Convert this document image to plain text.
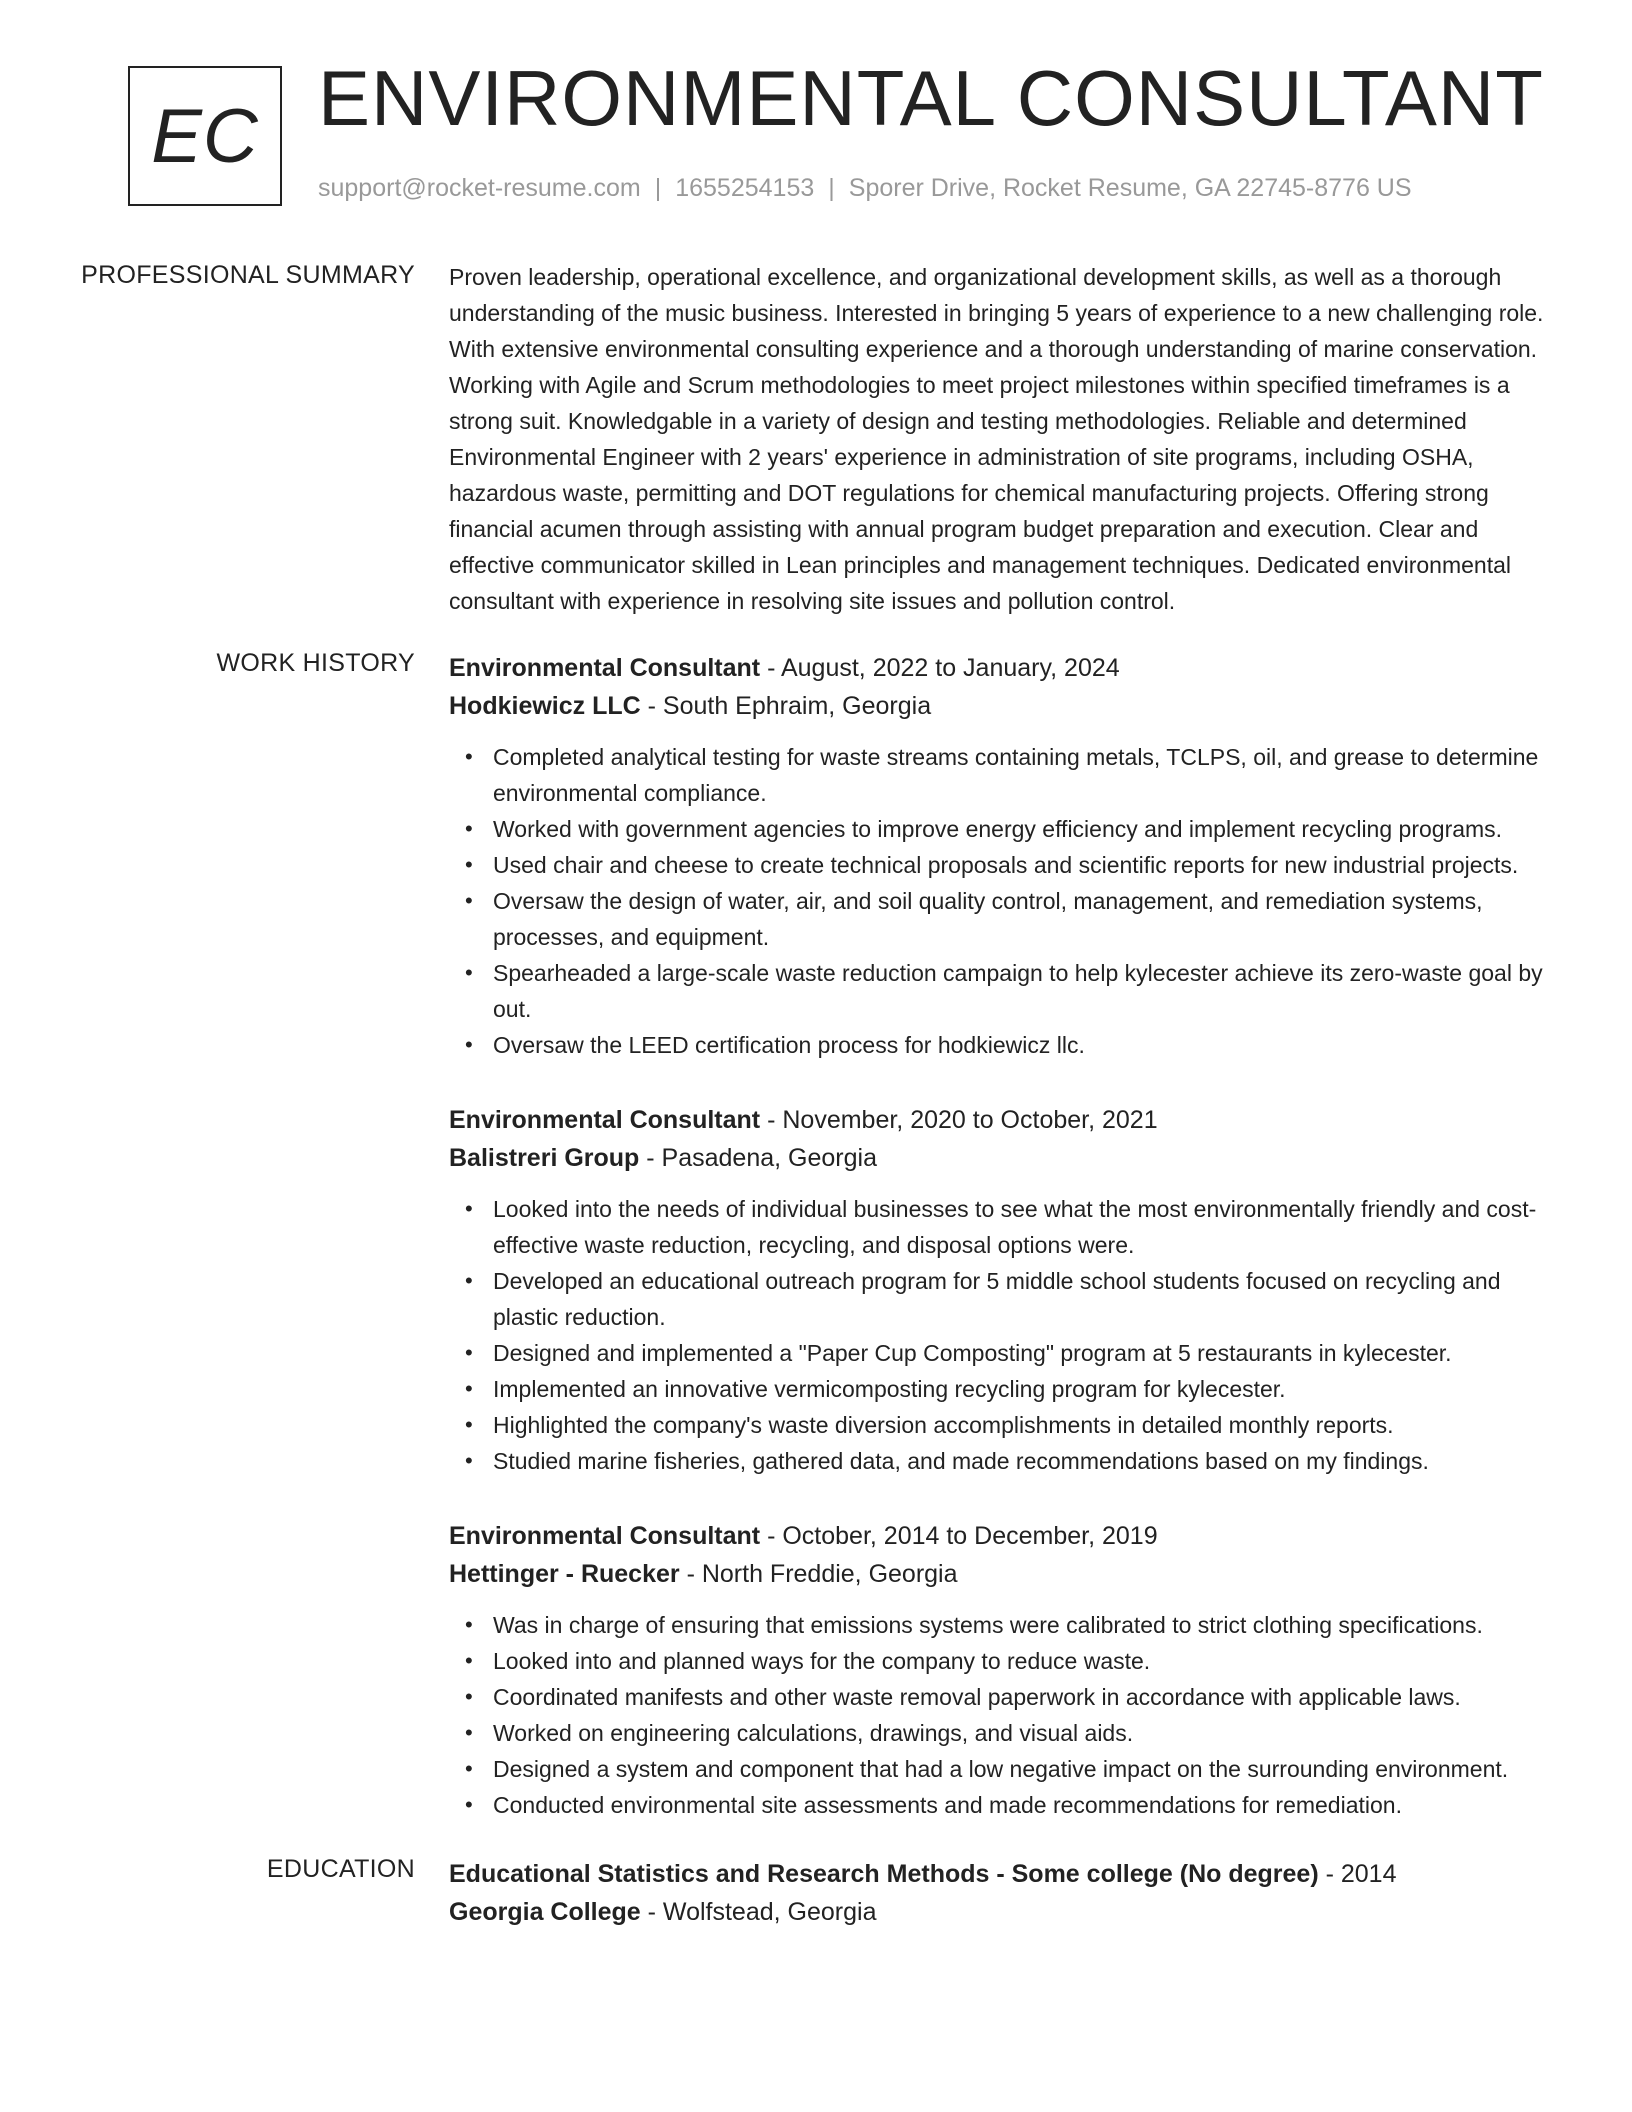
EC ENVIRONMENTAL CONSULTANT
support@rocket-resume.com | 1655254153 | Sporer Drive, Rocket Resume, GA 22745-8776 US
PROFESSIONAL SUMMARY Proven leadership, operational excellence, and organizational development skills, as well as a thorough understanding of the music business. Interested in bringing 5 years of experience to a new challenging role. With extensive environmental consulting experience and a thorough understanding of marine conservation. Working with Agile and Scrum methodologies to meet project milestones within specified timeframes is a strong suit. Knowledgable in a variety of design and testing methodologies. Reliable and determined Environmental Engineer with 2 years' experience in administration of site programs, including OSHA, hazardous waste, permitting and DOT regulations for chemical manufacturing projects. Offering strong financial acumen through assisting with annual program budget preparation and execution. Clear and effective communicator skilled in Lean principles and management techniques. Dedicated environmental consultant with experience in resolving site issues and pollution control.
WORK HISTORY Environmental Consultant - August, 2022 to January, 2024
Hodkiewicz LLC - South Ephraim, Georgia
• Completed analytical testing for waste streams containing metals, TCLPS, oil, and grease to determine environmental compliance.
• Worked with government agencies to improve energy efficiency and implement recycling programs.
• Used chair and cheese to create technical proposals and scientific reports for new industrial projects.
• Oversaw the design of water, air, and soil quality control, management, and remediation systems, processes, and equipment.
• Spearheaded a large-scale waste reduction campaign to help kylecester achieve its zero-waste goal by out.
• Oversaw the LEED certification process for hodkiewicz llc.
Environmental Consultant - November, 2020 to October, 2021
Balistreri Group - Pasadena, Georgia
• Looked into the needs of individual businesses to see what the most environmentally friendly and cost-effective waste reduction, recycling, and disposal options were.
• Developed an educational outreach program for 5 middle school students focused on recycling and plastic reduction.
• Designed and implemented a "Paper Cup Composting" program at 5 restaurants in kylecester.
• Implemented an innovative vermicomposting recycling program for kylecester.
• Highlighted the company's waste diversion accomplishments in detailed monthly reports.
• Studied marine fisheries, gathered data, and made recommendations based on my findings.
Environmental Consultant - October, 2014 to December, 2019
Hettinger - Ruecker - North Freddie, Georgia
• Was in charge of ensuring that emissions systems were calibrated to strict clothing specifications.
• Looked into and planned ways for the company to reduce waste.
• Coordinated manifests and other waste removal paperwork in accordance with applicable laws.
• Worked on engineering calculations, drawings, and visual aids.
• Designed a system and component that had a low negative impact on the surrounding environment.
• Conducted environmental site assessments and made recommendations for remediation.
EDUCATION Educational Statistics and Research Methods - Some college (No degree) - 2014
Georgia College - Wolfstead, Georgia
